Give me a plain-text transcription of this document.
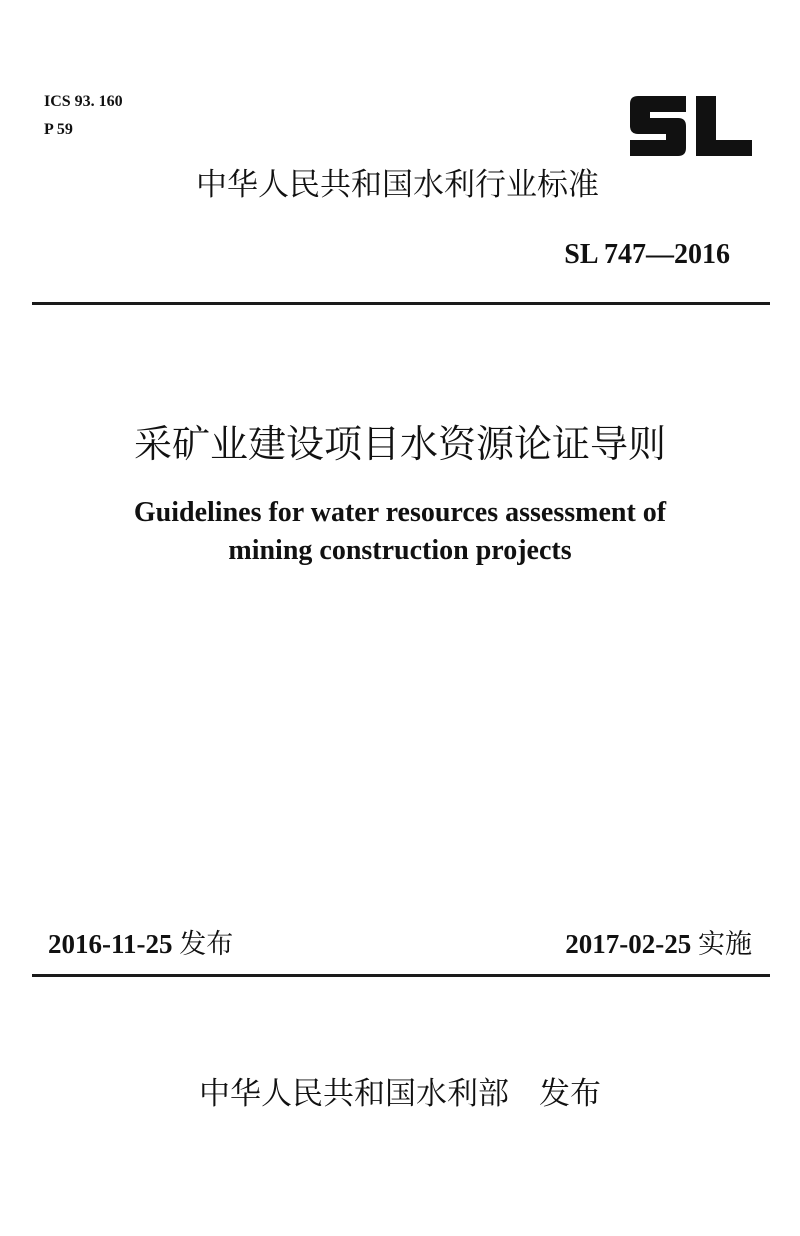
ICS 93. 160
P 59
中华人民共和国水利行业标准
SL 747—2016
采矿业建设项目水资源论证导则
Guidelines for water resources assessment of
mining construction projects
2016-11-25 发布	2017-02-25 实施
中华人民共和国水利部 发布
